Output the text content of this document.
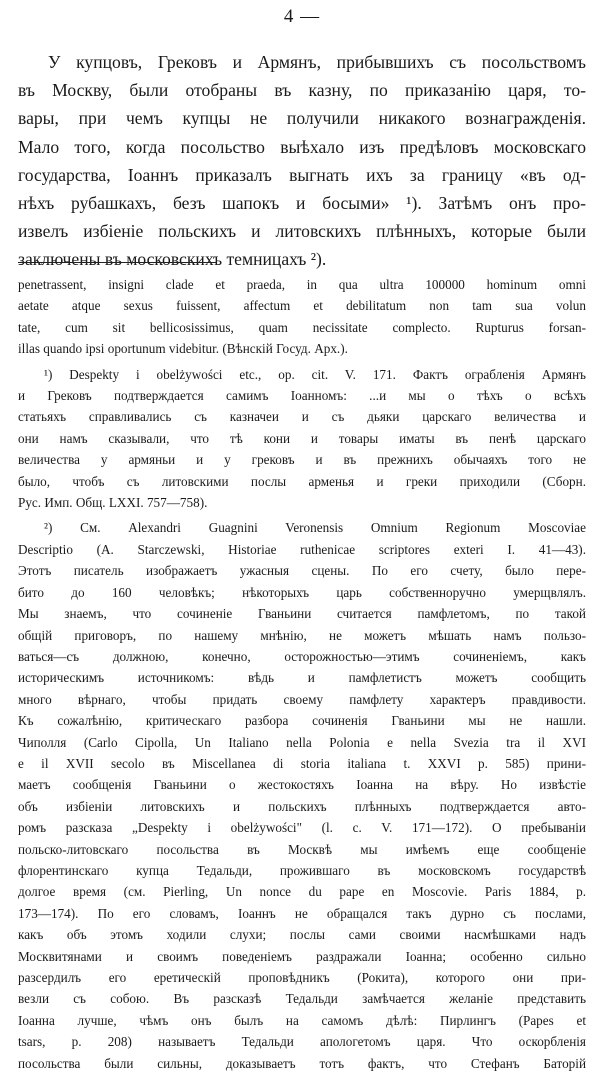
4 —
У купцовъ, Грековъ и Армянъ, прибывшихъ съ посольствомъ
въ Москву, были отобраны въ казну, по приказанію царя, то-
вары, при чемъ купцы не получили никакого вознагражденія.
Мало того, когда посольство выѣхало изъ предѣловъ московскаго
государства, Іоаннъ приказалъ выгнать ихъ за границу «въ од-
нѣхъ рубашкахъ, безъ шапокъ и босыми» ¹). Затѣмъ онъ про-
извелъ избіеніе польскихъ и литовскихъ плѣнныхъ, которые были
заключены въ московскихъ темницахъ ²).
penetrassent, insigni clade et praeda, in qua ultra 100000 hominum omni
aetate atque sexus fuissent, affectum et debilitatum non tam sua volun
tate, cum sit bellicosissimus, quam necissitate complecto. Rupturus forsan-
illas quando ipsi oportunum videbitur. (Вѣнскій Госуд. Арх.).
¹) Despekty i obelżywości etc., op. cit. V. 171. Фактъ ограбленія Армянъ
и Грековъ подтверждается самимъ Іоанномъ: ...и мы о тѣхъ о всѣхъ
статьяхъ справливались съ казначеи и съ дьяки царскаго величества и
они намъ сказывали, что тѣ кони и товары иматы въ пенѣ царскаго
величества у армяньи и у грековъ и въ прежнихъ обычаяхъ того не
было, чтобъ съ литовскими послы арменья и греки приходили (Сборн.
Рус. Имп. Общ. LXXI. 757—758).
²) См. Alexandri Guagnini Veronensis Omnium Regionum Moscoviae
Descriptio (A. Starczewski, Historiae ruthenicae scriptores exteri I. 41—43).
Этотъ писатель изображаетъ ужасныя сцены. По его счету, было пере-
бито до 160 человѣкъ; нѣкоторыхъ царь собственноручно умерщвлялъ.
Мы знаемъ, что сочиненіе Гваньини считается памфлетомъ, по такой
общій приговоръ, по нашему мнѣнію, не можетъ мѣшать намъ пользо-
ваться—съ должною, конечно, осторожностью—этимъ сочиненіемъ, какъ
историческимъ источникомъ: вѣдь и памфлетистъ можетъ сообщить
много вѣрнаго, чтобы придать своему памфлету характеръ правдивости.
Къ сожалѣнію, критическаго разбора сочиненія Гваньини мы не нашли.
Чиполля (Carlo Cipolla, Un Italiano nella Polonia e nella Svezia tra il XVI
e il XVII secolo въ Miscellanea di storia italiana t. XXVI p. 585) прини-
маетъ сообщенія Гваньини о жестокостяхъ Іоанна на вѣру. Но извѣстіе
объ избіеніи литовскихъ и польскихъ плѣнныхъ подтверждается авто-
ромъ разсказа „Despekty i obelżywości" (l. c. V. 171—172). О пребываніи
польско-литовскаго посольства въ Москвѣ мы имѣемъ еще сообщеніе
флорентинскаго купца Тедальди, прожившаго въ московскомъ государствѣ
долгое время (см. Pierling, Un nonce du pape en Moscovie. Paris 1884, p.
173—174). По его словамъ, Іоаннъ не обращался такъ дурно съ послами,
какъ объ этомъ ходили слухи; послы сами своими насмѣшками надъ
Москвитянами и своимъ поведеніемъ раздражали Іоанна; особенно сильно
разсердилъ его еретическій проповѣдникъ (Рокита), которого они при-
везли съ собою. Въ разсказѣ Тедальди замѣчается желаніе представить
Іоанна лучше, чѣмъ онъ былъ на самомъ дѣлѣ: Пирлингъ (Papes et
tsars, p. 208) называетъ Тедальди апологетомъ царя. Что оскорбленія
посольства были сильны, доказываетъ тотъ фактъ, что Стефанъ Баторій
